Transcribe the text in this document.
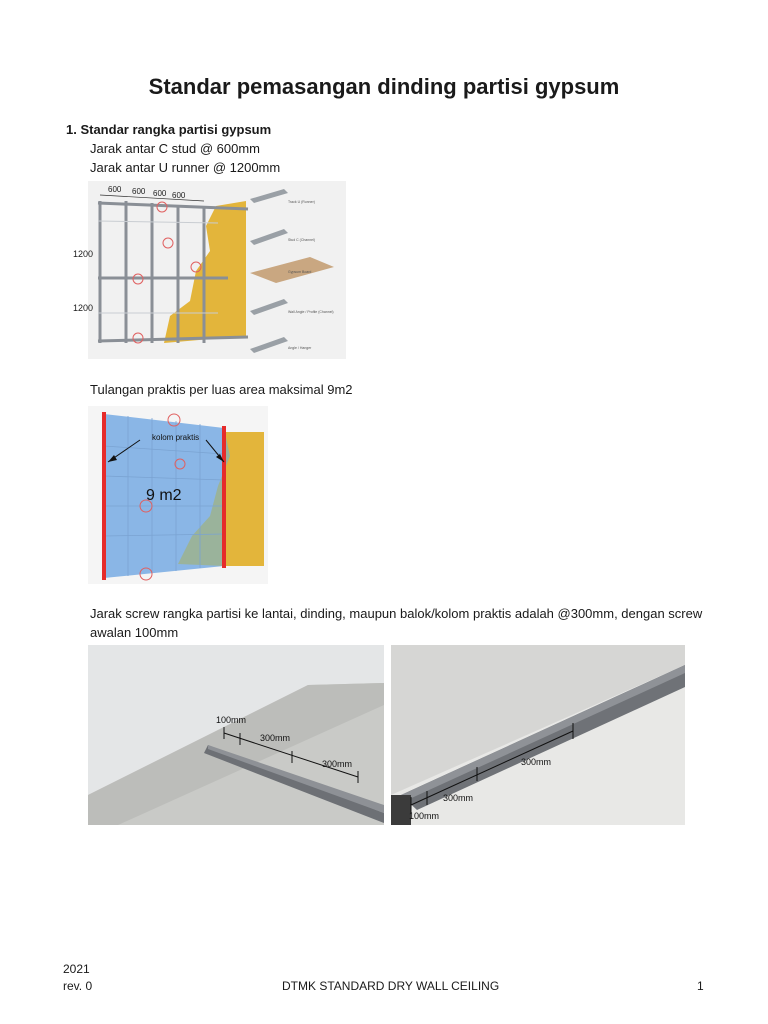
Standar pemasangan dinding partisi gypsum
1. Standar rangka partisi gypsum
Jarak antar C stud @ 600mm
Jarak antar U runner @ 1200mm
600 600 600 600
Track U (Runner)
Stud C (Channel)
Gypsum Board
Wall Angle / Profile (Channel)
Angle / Hanger
1200
1200
Tulangan praktis per luas area maksimal 9m2
kolom praktis
9 m2
Jarak screw rangka partisi ke lantai, dinding, maupun balok/kolom praktis adalah @300mm, dengan screw
awalan 100mm
100mm
300mm
300mm	300mm
300mm
100mm
2021
rev. 0	DTMK STANDARD DRY WALL CEILING	1
